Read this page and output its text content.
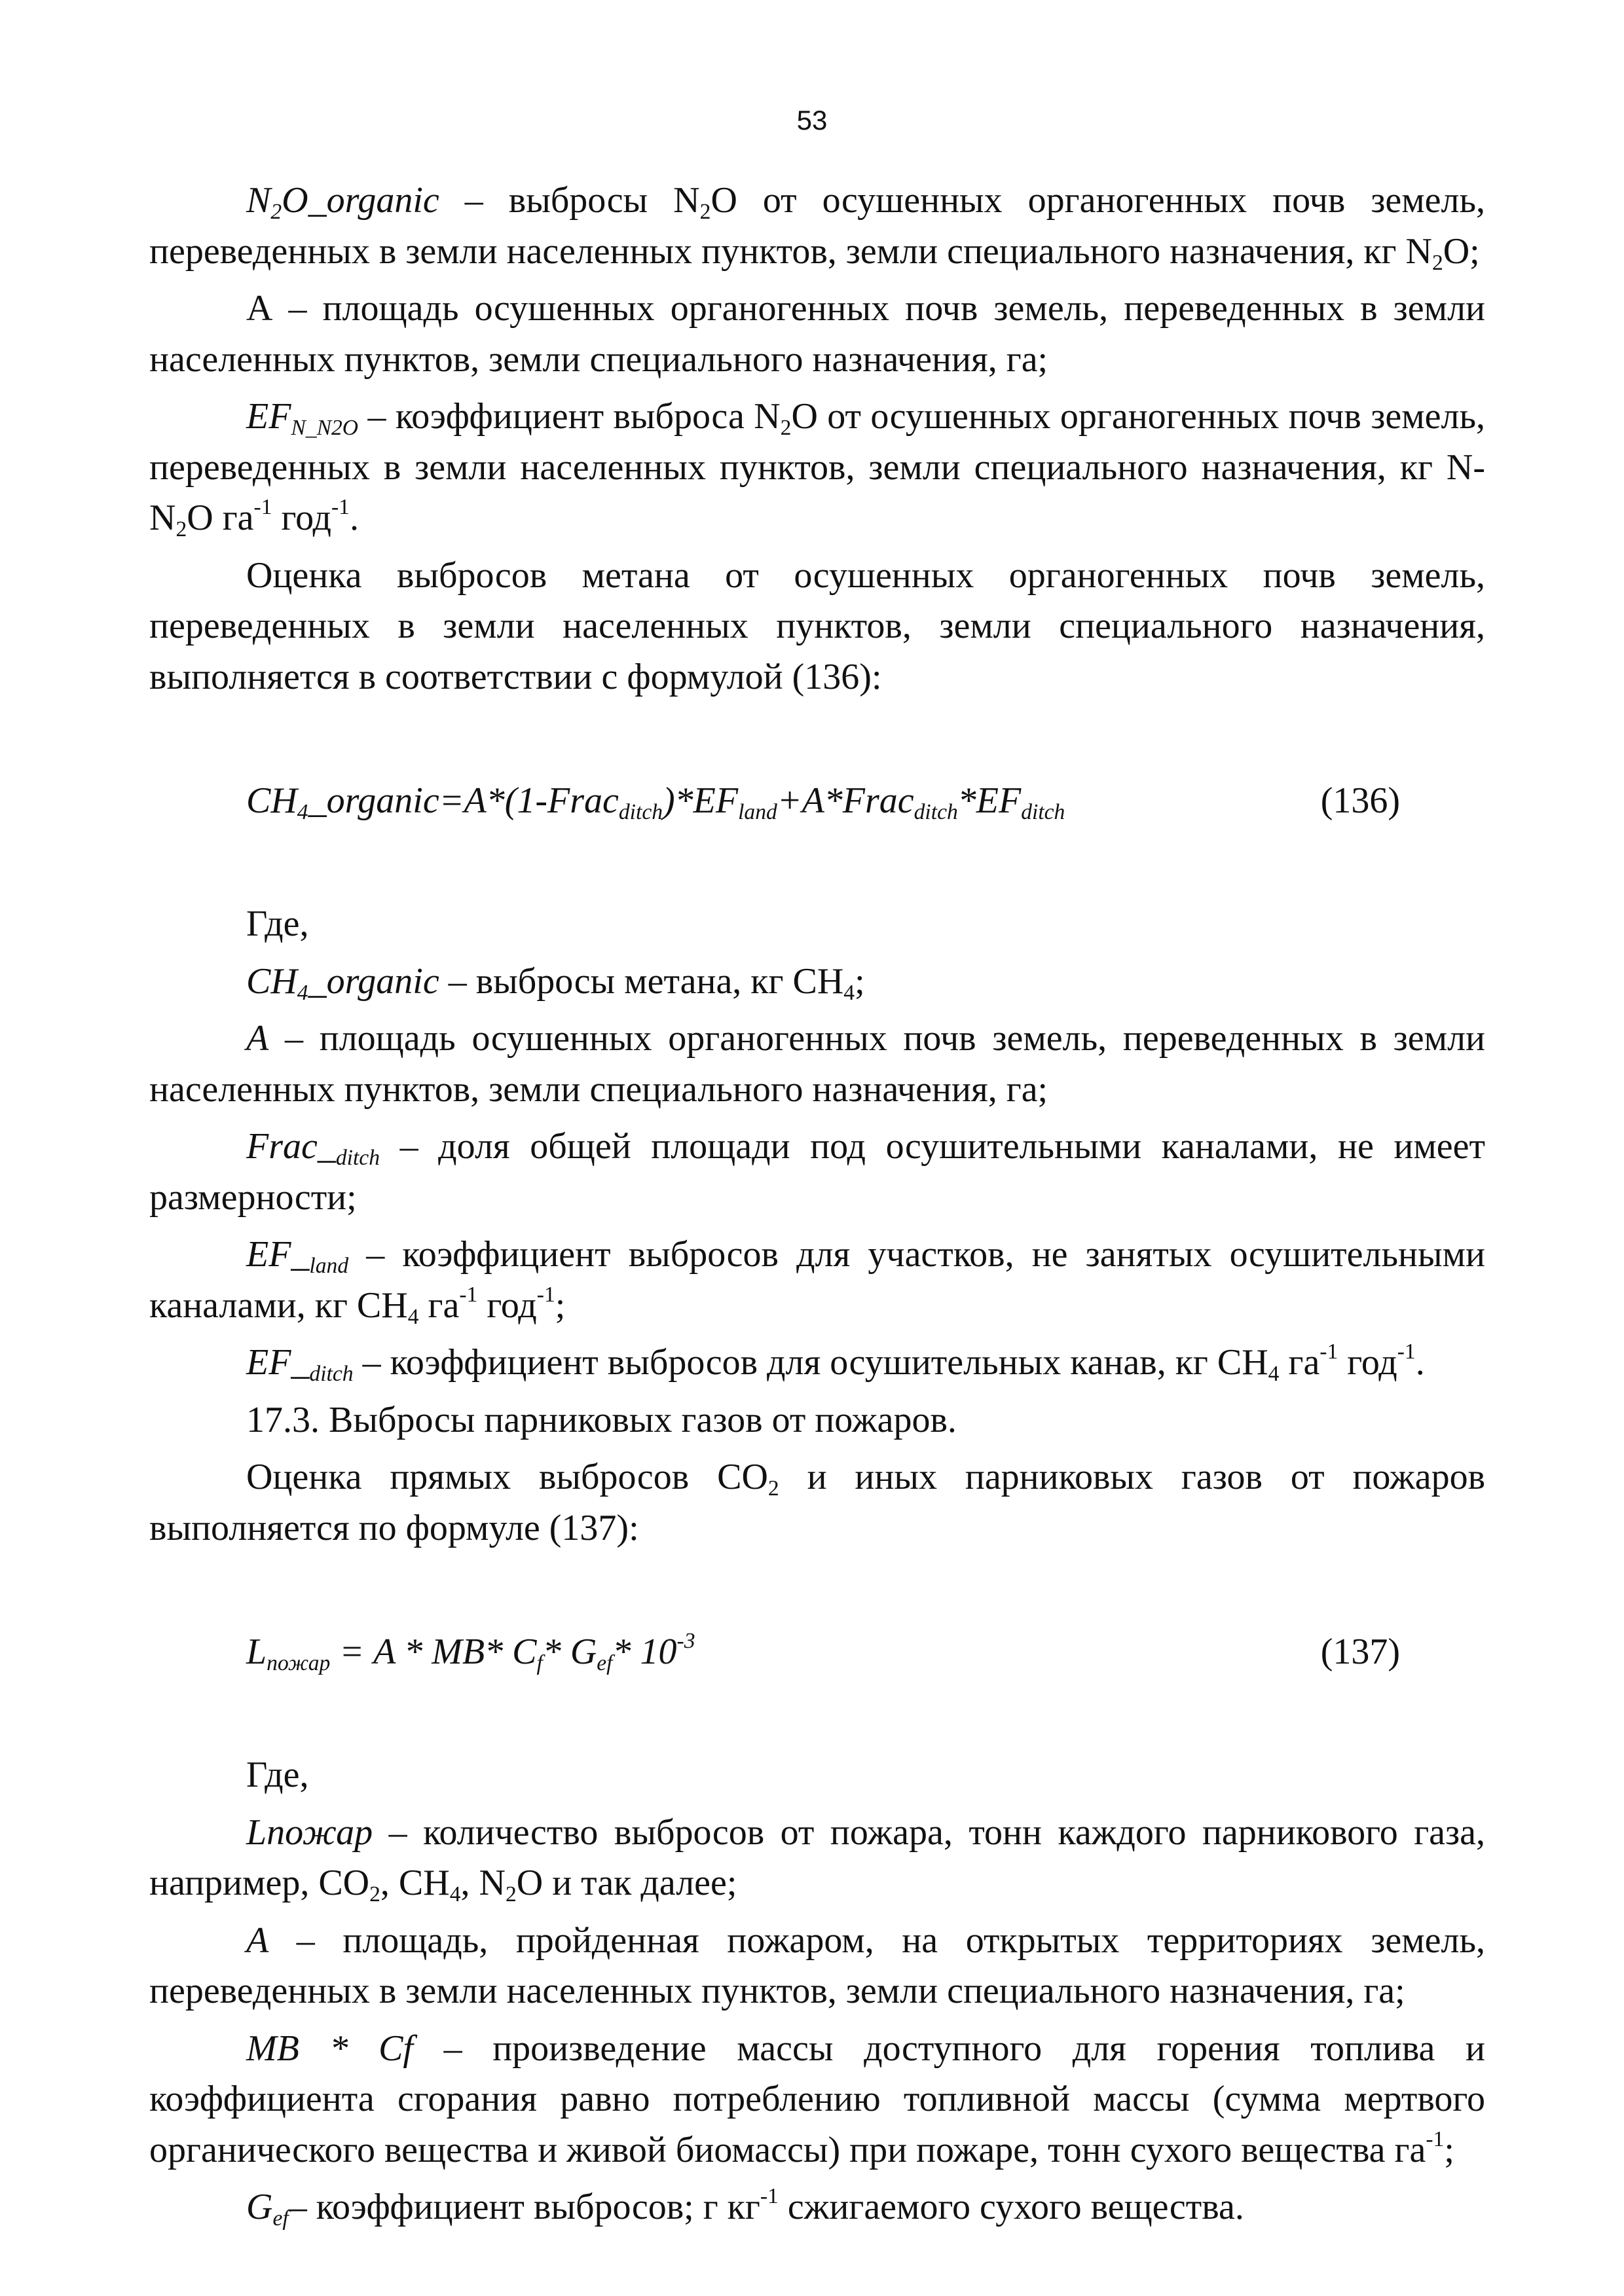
53

$N_2O\_organic$ – выбросы $N_2O$ от осушенных органогенных почв земель, переведенных в земли населенных пунктов, земли специального назначения, кг $N_2O$;

А – площадь осушенных органогенных почв земель, переведенных в земли населенных пунктов, земли специального назначения, га;

$EF_{N\_N2O}$ – коэффициент выброса $N_2O$ от осушенных органогенных почв земель, переведенных в земли населенных пунктов, земли специального назначения, кг $N-N_2O$ $га^{-1}$ год$^{-1}$.

Оценка выбросов метана от осушенных органогенных почв земель, переведенных в земли населенных пунктов, земли специального назначения, выполняется в соответствии с формулой (136):

$CH_4\_organic=A*(1-Frac_{ditch})*EF_{land}+A*Frac_{ditch}*EF_{ditch}$	(136)

Где,

$CH_4\_organic$ – выбросы метана, кг $CH_4$;

A – площадь осушенных органогенных почв земель, переведенных в земли населенных пунктов, земли специального назначения, га;

$Frac\__{ditch}$ – доля общей площади под осушительными каналами, не имеет размерности;

$EF\__{land}$ – коэффициент выбросов для участков, не занятых осушительными каналами, кг $CH_4$ $га^{-1}$ год$^{-1}$;

$EF\__{ditch}$ – коэффициент выбросов для осушительных канав, кг $CH_4$ $га^{-1}$ год$^{-1}$.

17.3. Выбросы парниковых газов от пожаров.

Оценка прямых выбросов $CO_2$ и иных парниковых газов от пожаров выполняется по формуле (137):

$L_{пожар} = A * MB*$ $C_f*$ $G_{ef}*$ $10^{-3}$	(137)

Где,

Lпожар – количество выбросов от пожара, тонн каждого парникового газа, например, $CO_2$, $CH_4$, $N_2O$ и так далее;

A – площадь, пройденная пожаром, на открытых территориях земель, переведенных в земли населенных пунктов, земли специального назначения, га;

MB * Cf – произведение массы доступного для горения топлива и коэффициента сгорания равно потреблению топливной массы (сумма мертвого органического вещества и живой биомассы) при пожаре, тонн сухого вещества $га^{-1}$;

$G_{ef}-$ коэффициент выбросов; г $кг^{-1}$ сжигаемого сухого вещества.
